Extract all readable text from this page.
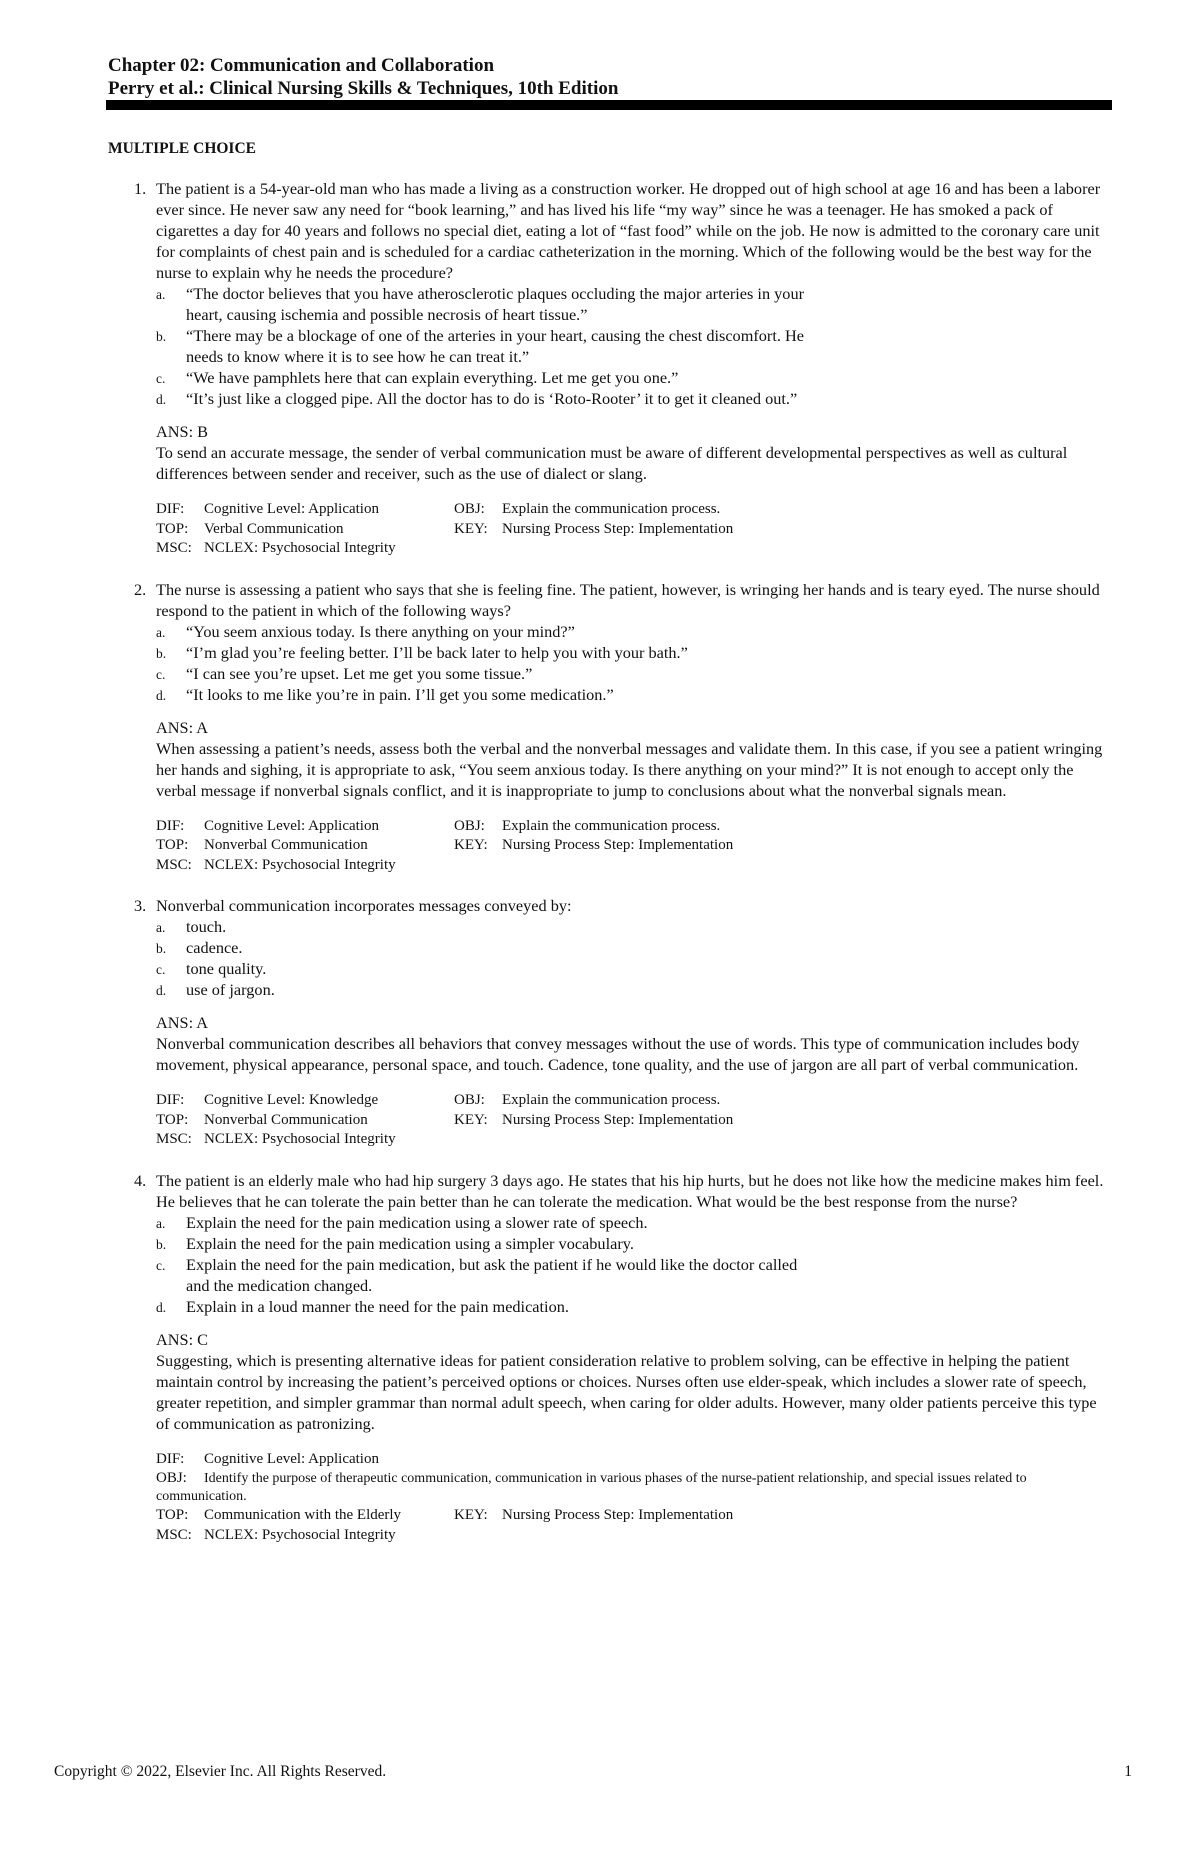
Chapter 02: Communication and Collaboration
Perry et al.: Clinical Nursing Skills & Techniques, 10th Edition
MULTIPLE CHOICE
1. The patient is a 54-year-old man who has made a living as a construction worker. He dropped out of high school at age 16 and has been a laborer ever since. He never saw any need for “book learning,” and has lived his life “my way” since he was a teenager. He has smoked a pack of cigarettes a day for 40 years and follows no special diet, eating a lot of “fast food” while on the job. He now is admitted to the coronary care unit for complaints of chest pain and is scheduled for a cardiac catheterization in the morning. Which of the following would be the best way for the nurse to explain why he needs the procedure?
a. “The doctor believes that you have atherosclerotic plaques occluding the major arteries in your heart, causing ischemia and possible necrosis of heart tissue.”
b. “There may be a blockage of one of the arteries in your heart, causing the chest discomfort. He needs to know where it is to see how he can treat it.”
c. “We have pamphlets here that can explain everything. Let me get you one.”
d. “It’s just like a clogged pipe. All the doctor has to do is ‘Roto-Rooter’ it to get it cleaned out.”
ANS: B
To send an accurate message, the sender of verbal communication must be aware of different developmental perspectives as well as cultural differences between sender and receiver, such as the use of dialect or slang.
DIF:	Cognitive Level: Application	OBJ:	Explain the communication process.
TOP:	Verbal Communication	KEY: Nursing Process Step: Implementation
MSC: NCLEX: Psychosocial Integrity
2. The nurse is assessing a patient who says that she is feeling fine. The patient, however, is wringing her hands and is teary eyed. The nurse should respond to the patient in which of the following ways?
a. “You seem anxious today. Is there anything on your mind?”
b. “I’m glad you’re feeling better. I’ll be back later to help you with your bath.”
c. “I can see you’re upset. Let me get you some tissue.”
d. “It looks to me like you’re in pain. I’ll get you some medication.”
ANS: A
When assessing a patient’s needs, assess both the verbal and the nonverbal messages and validate them. In this case, if you see a patient wringing her hands and sighing, it is appropriate to ask, “You seem anxious today. Is there anything on your mind?” It is not enough to accept only the verbal message if nonverbal signals conflict, and it is inappropriate to jump to conclusions about what the nonverbal signals mean.
DIF:	Cognitive Level: Application	OBJ:	Explain the communication process.
TOP:	Nonverbal Communication	KEY: Nursing Process Step: Implementation
MSC: NCLEX: Psychosocial Integrity
3. Nonverbal communication incorporates messages conveyed by:
a. touch.
b. cadence.
c. tone quality.
d. use of jargon.
ANS: A
Nonverbal communication describes all behaviors that convey messages without the use of words. This type of communication includes body movement, physical appearance, personal space, and touch. Cadence, tone quality, and the use of jargon are all part of verbal communication.
DIF:	Cognitive Level: Knowledge	OBJ:	Explain the communication process.
TOP:	Nonverbal Communication	KEY: Nursing Process Step: Implementation
MSC: NCLEX: Psychosocial Integrity
4. The patient is an elderly male who had hip surgery 3 days ago. He states that his hip hurts, but he does not like how the medicine makes him feel. He believes that he can tolerate the pain better than he can tolerate the medication. What would be the best response from the nurse?
a. Explain the need for the pain medication using a slower rate of speech.
b. Explain the need for the pain medication using a simpler vocabulary.
c. Explain the need for the pain medication, but ask the patient if he would like the doctor called and the medication changed.
d. Explain in a loud manner the need for the pain medication.
ANS: C
Suggesting, which is presenting alternative ideas for patient consideration relative to problem solving, can be effective in helping the patient maintain control by increasing the patient’s perceived options or choices. Nurses often use elder-speak, which includes a slower rate of speech, greater repetition, and simpler grammar than normal adult speech, when caring for older adults. However, many older patients perceive this type of communication as patronizing.
DIF:	Cognitive Level: Application
OBJ: Identify the purpose of therapeutic communication, communication in various phases of the nurse-patient relationship, and special issues related to communication.
TOP:	Communication with the Elderly	KEY: Nursing Process Step: Implementation
MSC: NCLEX: Psychosocial Integrity
Copyright © 2022, Elsevier Inc. All Rights Reserved.	1
